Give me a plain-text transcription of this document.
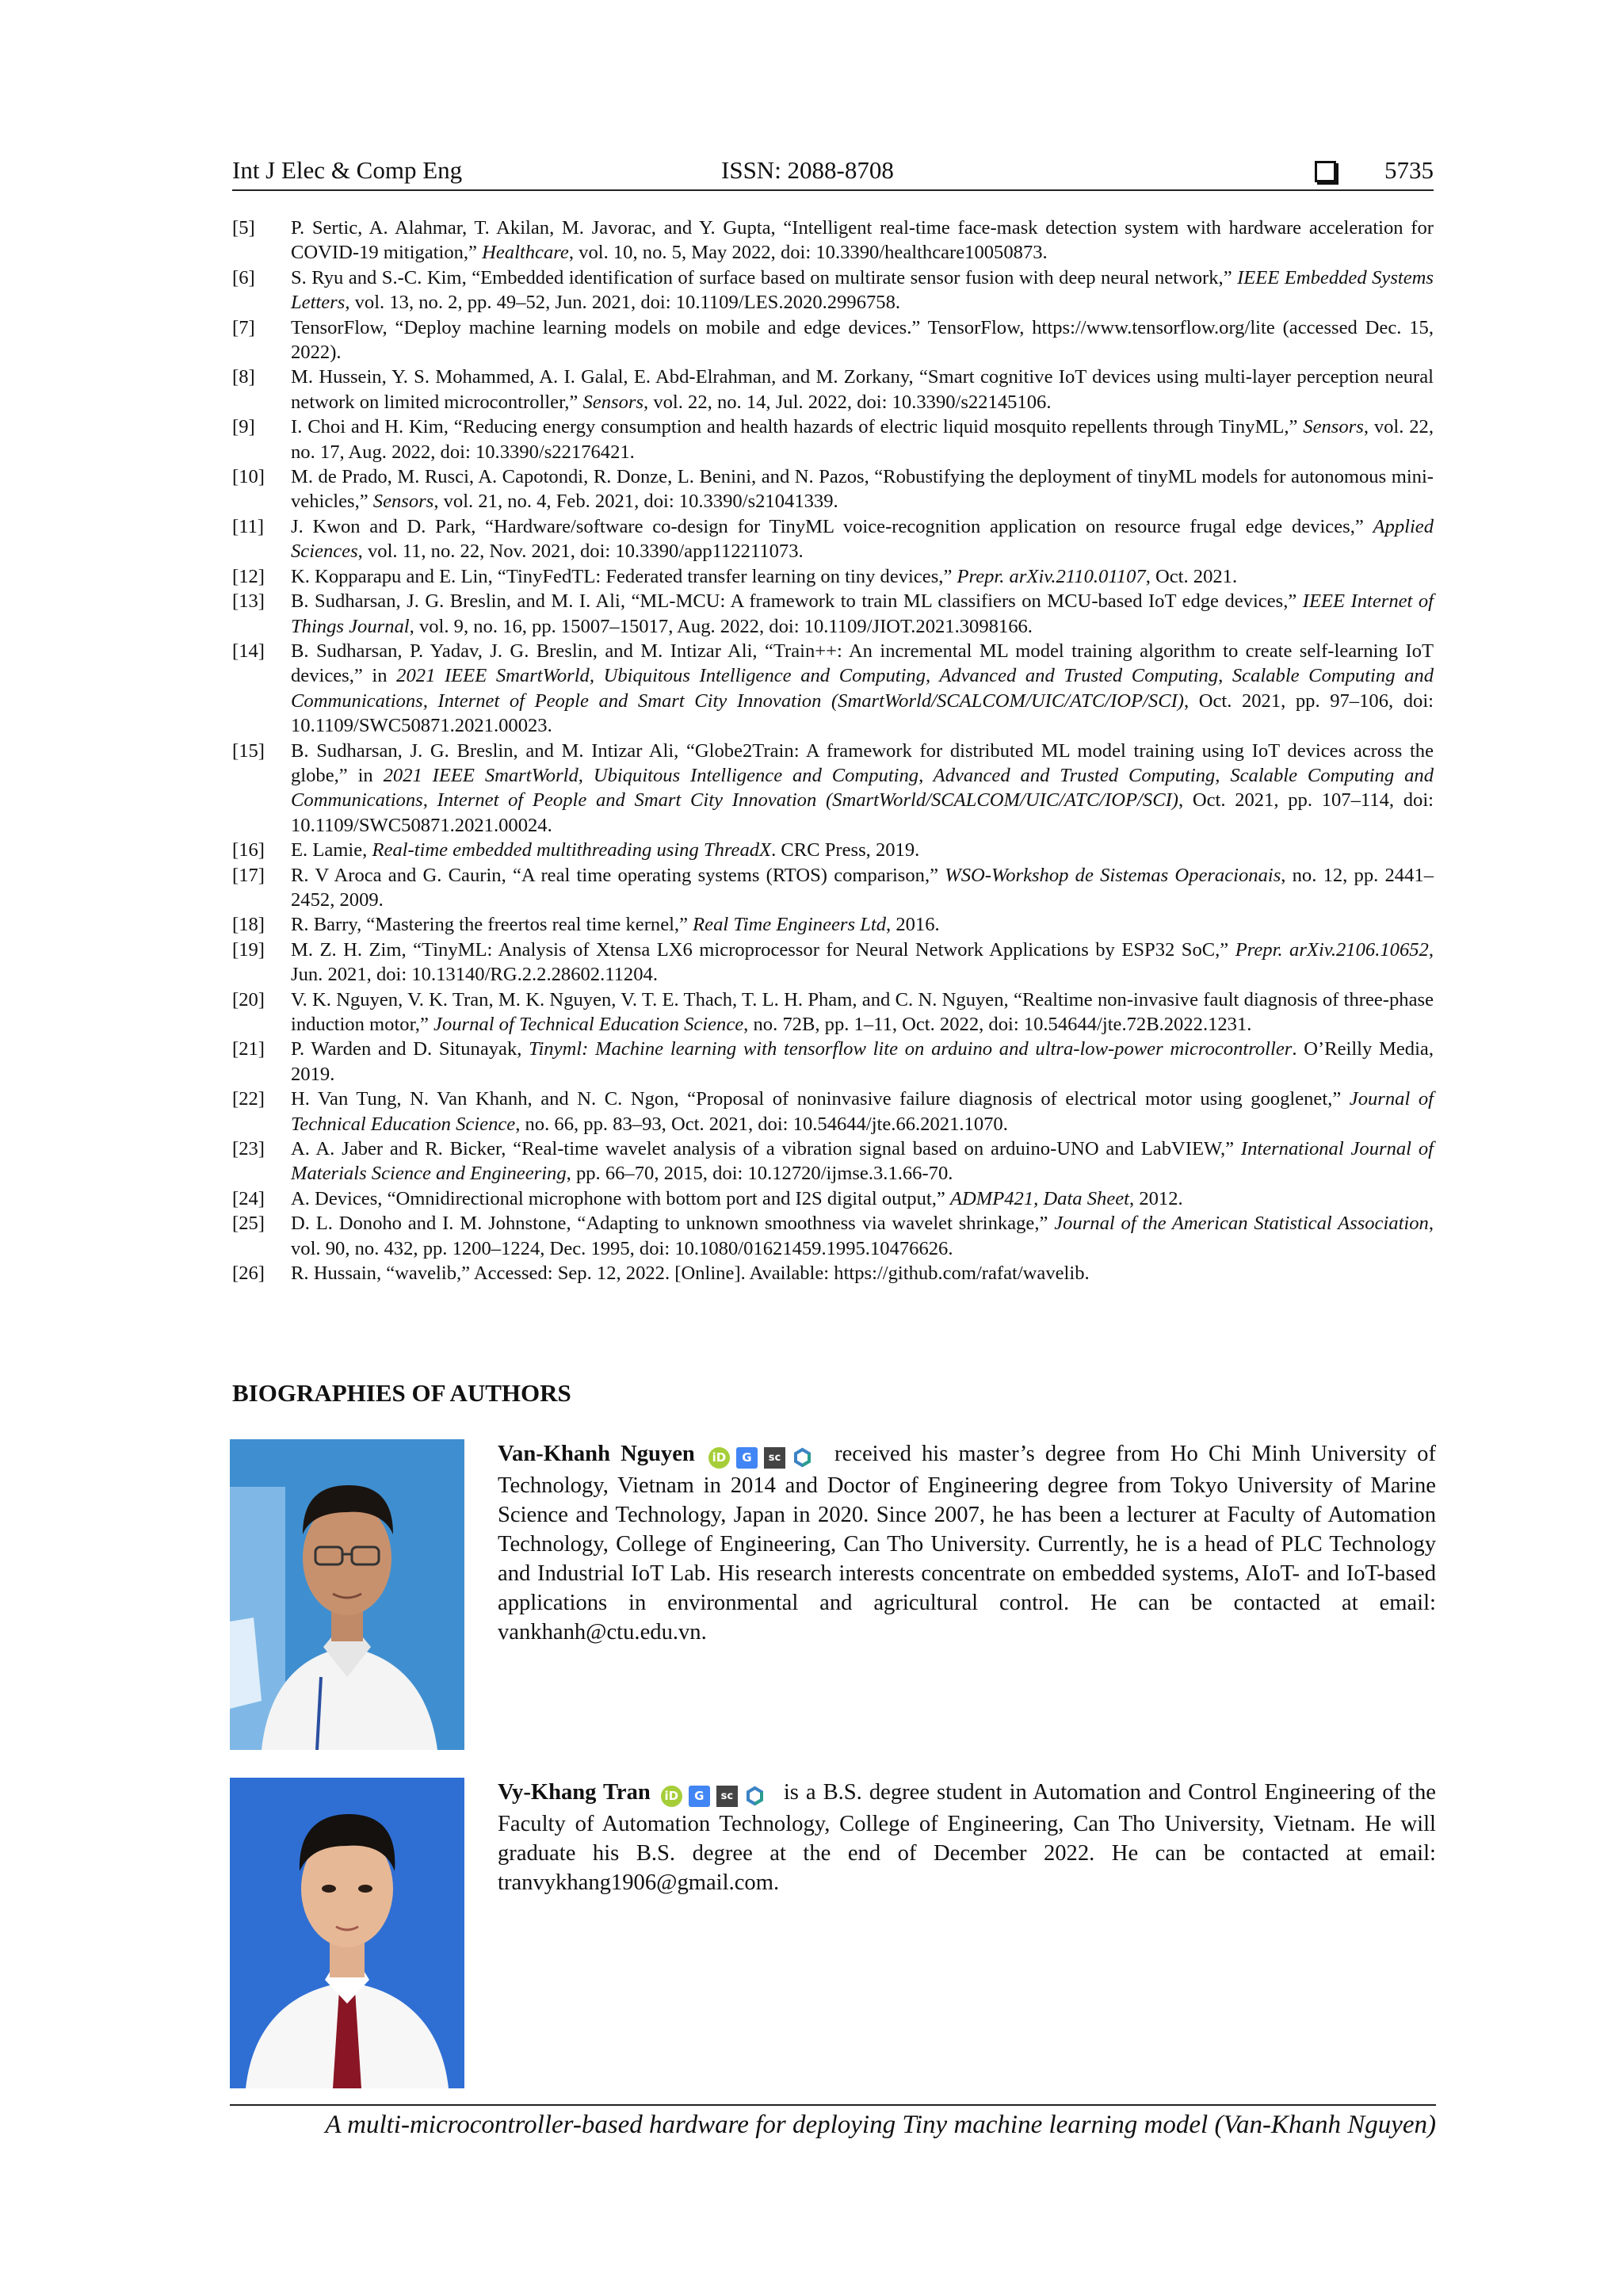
Int J Elec & Comp Eng	ISSN: 2088-8708	5735
[5]	P. Sertic, A. Alahmar, T. Akilan, M. Javorac, and Y. Gupta, “Intelligent real-time face-mask detection system with hardware acceleration for COVID-19 mitigation,” Healthcare, vol. 10, no. 5, May 2022, doi: 10.3390/healthcare10050873.
[6]	S. Ryu and S.-C. Kim, “Embedded identification of surface based on multirate sensor fusion with deep neural network,” IEEE Embedded Systems Letters, vol. 13, no. 2, pp. 49–52, Jun. 2021, doi: 10.1109/LES.2020.2996758.
[7]	TensorFlow, “Deploy machine learning models on mobile and edge devices.” TensorFlow, https://www.tensorflow.org/lite (accessed Dec. 15, 2022).
[8]	M. Hussein, Y. S. Mohammed, A. I. Galal, E. Abd-Elrahman, and M. Zorkany, “Smart cognitive IoT devices using multi-layer perception neural network on limited microcontroller,” Sensors, vol. 22, no. 14, Jul. 2022, doi: 10.3390/s22145106.
[9]	I. Choi and H. Kim, “Reducing energy consumption and health hazards of electric liquid mosquito repellents through TinyML,” Sensors, vol. 22, no. 17, Aug. 2022, doi: 10.3390/s22176421.
[10]	M. de Prado, M. Rusci, A. Capotondi, R. Donze, L. Benini, and N. Pazos, “Robustifying the deployment of tinyML models for autonomous mini-vehicles,” Sensors, vol. 21, no. 4, Feb. 2021, doi: 10.3390/s21041339.
[11]	J. Kwon and D. Park, “Hardware/software co-design for TinyML voice-recognition application on resource frugal edge devices,” Applied Sciences, vol. 11, no. 22, Nov. 2021, doi: 10.3390/app112211073.
[12]	K. Kopparapu and E. Lin, “TinyFedTL: Federated transfer learning on tiny devices,” Prepr. arXiv.2110.01107, Oct. 2021.
[13]	B. Sudharsan, J. G. Breslin, and M. I. Ali, “ML-MCU: A framework to train ML classifiers on MCU-based IoT edge devices,” IEEE Internet of Things Journal, vol. 9, no. 16, pp. 15007–15017, Aug. 2022, doi: 10.1109/JIOT.2021.3098166.
[14]	B. Sudharsan, P. Yadav, J. G. Breslin, and M. Intizar Ali, “Train++: An incremental ML model training algorithm to create self-learning IoT devices,” in 2021 IEEE SmartWorld, Ubiquitous Intelligence and Computing, Advanced and Trusted Computing, Scalable Computing and Communications, Internet of People and Smart City Innovation (SmartWorld/SCALCOM/UIC/ATC/IOP/SCI), Oct. 2021, pp. 97–106, doi: 10.1109/SWC50871.2021.00023.
[15]	B. Sudharsan, J. G. Breslin, and M. Intizar Ali, “Globe2Train: A framework for distributed ML model training using IoT devices across the globe,” in 2021 IEEE SmartWorld, Ubiquitous Intelligence and Computing, Advanced and Trusted Computing, Scalable Computing and Communications, Internet of People and Smart City Innovation (SmartWorld/SCALCOM/UIC/ATC/IOP/SCI), Oct. 2021, pp. 107–114, doi: 10.1109/SWC50871.2021.00024.
[16]	E. Lamie, Real-time embedded multithreading using ThreadX. CRC Press, 2019.
[17]	R. V Aroca and G. Caurin, “A real time operating systems (RTOS) comparison,” WSO-Workshop de Sistemas Operacionais, no. 12, pp. 2441–2452, 2009.
[18]	R. Barry, “Mastering the freertos real time kernel,” Real Time Engineers Ltd, 2016.
[19]	M. Z. H. Zim, “TinyML: Analysis of Xtensa LX6 microprocessor for Neural Network Applications by ESP32 SoC,” Prepr. arXiv.2106.10652, Jun. 2021, doi: 10.13140/RG.2.2.28602.11204.
[20]	V. K. Nguyen, V. K. Tran, M. K. Nguyen, V. T. E. Thach, T. L. H. Pham, and C. N. Nguyen, “Realtime non-invasive fault diagnosis of three-phase induction motor,” Journal of Technical Education Science, no. 72B, pp. 1–11, Oct. 2022, doi: 10.54644/jte.72B.2022.1231.
[21]	P. Warden and D. Situnayak, Tinyml: Machine learning with tensorflow lite on arduino and ultra-low-power microcontroller. O’Reilly Media, 2019.
[22]	H. Van Tung, N. Van Khanh, and N. C. Ngon, “Proposal of noninvasive failure diagnosis of electrical motor using googlenet,” Journal of Technical Education Science, no. 66, pp. 83–93, Oct. 2021, doi: 10.54644/jte.66.2021.1070.
[23]	A. A. Jaber and R. Bicker, “Real-time wavelet analysis of a vibration signal based on arduino-UNO and LabVIEW,” International Journal of Materials Science and Engineering, pp. 66–70, 2015, doi: 10.12720/ijmse.3.1.66-70.
[24]	A. Devices, “Omnidirectional microphone with bottom port and I2S digital output,” ADMP421, Data Sheet, 2012.
[25]	D. L. Donoho and I. M. Johnstone, “Adapting to unknown smoothness via wavelet shrinkage,” Journal of the American Statistical Association, vol. 90, no. 432, pp. 1200–1224, Dec. 1995, doi: 10.1080/01621459.1995.10476626.
[26]	R. Hussain, “wavelib,” Accessed: Sep. 12, 2022. [Online]. Available: https://github.com/rafat/wavelib.
BIOGRAPHIES OF AUTHORS
Van-Khanh Nguyen iD G sc received his master’s degree from Ho Chi Minh University of Technology, Vietnam in 2014 and Doctor of Engineering degree from Tokyo University of Marine Science and Technology, Japan in 2020. Since 2007, he has been a lecturer at Faculty of Automation Technology, College of Engineering, Can Tho University. Currently, he is a head of PLC Technology and Industrial IoT Lab. His research interests concentrate on embedded systems, AIoT- and IoT-based applications in environmental and agricultural control. He can be contacted at email: vankhanh@ctu.edu.vn.
Vy-Khang Tran iD G sc is a B.S. degree student in Automation and Control Engineering of the Faculty of Automation Technology, College of Engineering, Can Tho University, Vietnam. He will graduate his B.S. degree at the end of December 2022. He can be contacted at email: tranvykhang1906@gmail.com.
A multi-microcontroller-based hardware for deploying Tiny machine learning model (Van-Khanh Nguyen)
